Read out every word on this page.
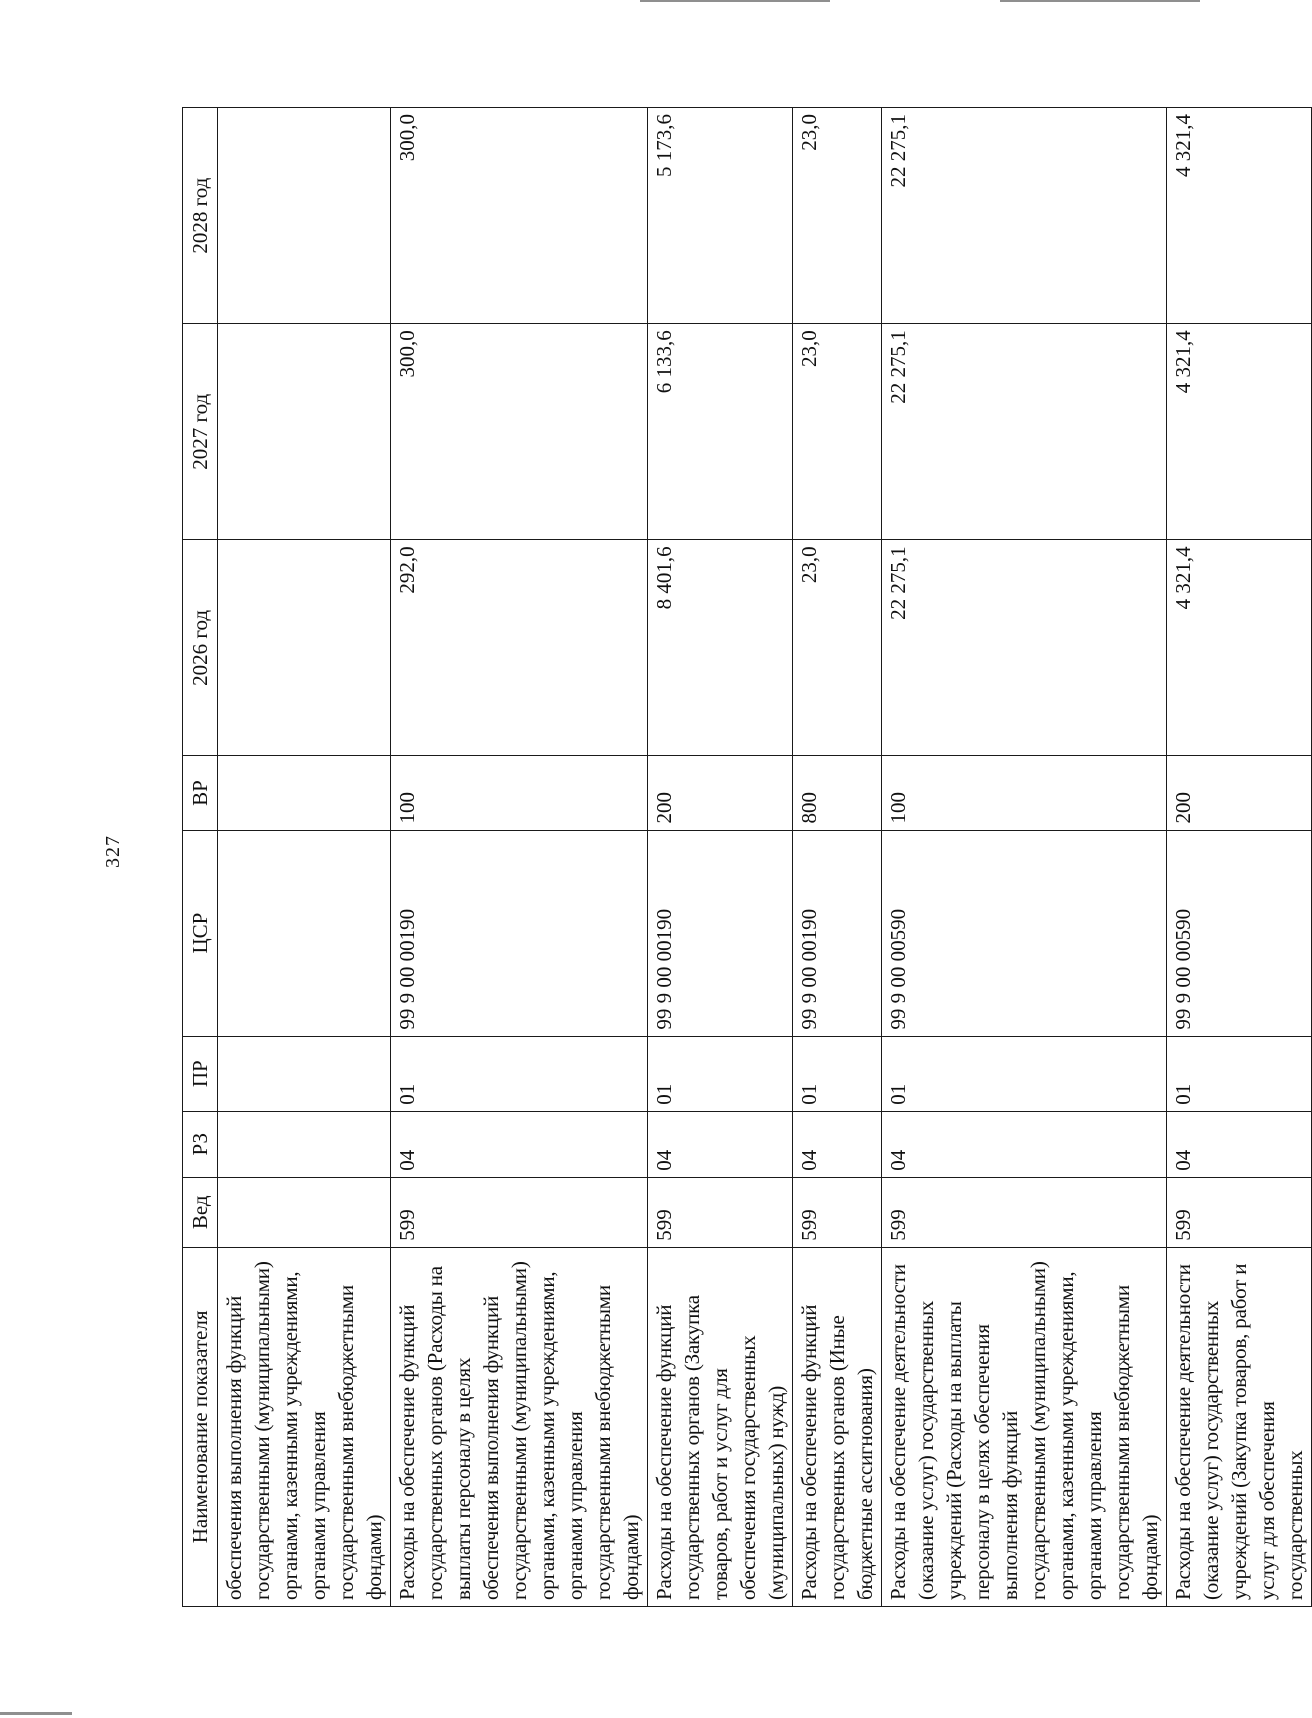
327
Наименование показателя	Вед	РЗ	ПР	ЦСР	ВР	2026 год	2027 год	2028 год
обеспечения выполнения функций государственными (муниципальными) органами, казенными учреждениями, органами управления государственными внебюджетными фондами)								
Расходы на обеспечение функций государственных органов (Расходы на выплаты персоналу в целях обеспечения выполнения функций государственными (муниципальными) органами, казенными учреждениями, органами управления государственными внебюджетными фондами)	599	04	01	99 9 00 00190	100	292,0	300,0	300,0
Расходы на обеспечение функций государственных органов (Закупка товаров, работ и услуг для обеспечения государственных (муниципальных) нужд)	599	04	01	99 9 00 00190	200	8 401,6	6 133,6	5 173,6
Расходы на обеспечение функций государственных органов (Иные бюджетные ассигнования)	599	04	01	99 9 00 00190	800	23,0	23,0	23,0
Расходы на обеспечение деятельности (оказание услуг) государственных учреждений (Расходы на выплаты персоналу в целях обеспечения выполнения функций государственными (муниципальными) органами, казенными учреждениями, органами управления государственными внебюджетными фондами)	599	04	01	99 9 00 00590	100	22 275,1	22 275,1	22 275,1
Расходы на обеспечение деятельности (оказание услуг) государственных учреждений (Закупка товаров, работ и услуг для обеспечения государственных	599	04	01	99 9 00 00590	200	4 321,4	4 321,4	4 321,4
